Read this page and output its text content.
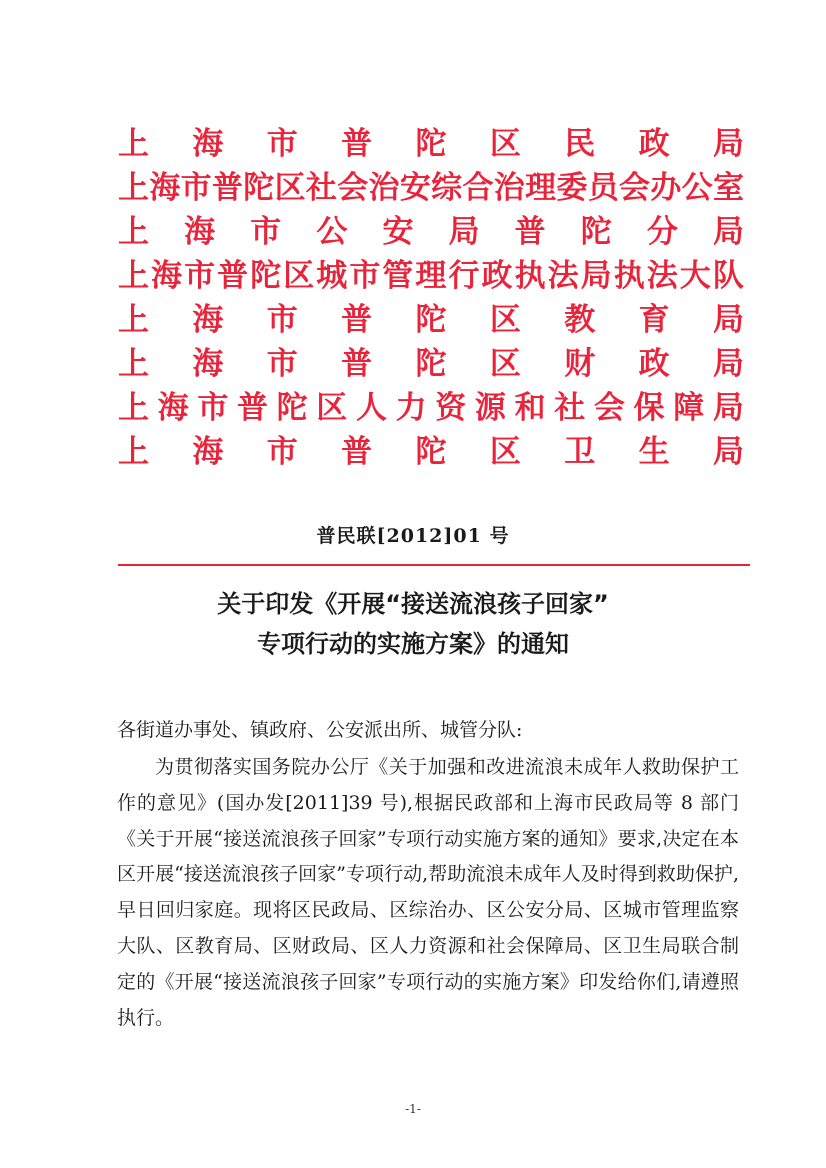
上 海 市 普 陀 区 民 政 局
上 海 市 普 陀 区 社 会 治 安 综 合 治 理 委 员 会 办 公 室
上 海 市 公 安 局 普 陀 分 局
上 海 市 普 陀 区 城 市 管 理 行 政 执 法 局 执 法 大 队
上 海 市 普 陀 区 教 育 局
上 海 市 普 陀 区 财 政 局
上 海 市 普 陀 区 人 力 资 源 和 社 会 保 障 局
上 海 市 普 陀 区 卫 生 局
普民联[2012]01 号
关于印发《开展“接送流浪孩子回家”
专项行动的实施方案》的通知
各街道办事处、镇政府、公安派出所、城管分队:
为贯彻落实国务院办公厅《关于加强和改进流浪未成年人救助保护工作的意见》(国办发[2011]39 号),根据民政部和上海市民政局等 8 部门《关于开展“接送流浪孩子回家”专项行动实施方案的通知》要求,决定在本区开展“接送流浪孩子回家”专项行动,帮助流浪未成年人及时得到救助保护,早日回归家庭。现将区民政局、区综治办、区公安分局、区城市管理监察大队、区教育局、区财政局、区人力资源和社会保障局、区卫生局联合制定的《开展“接送流浪孩子回家”专项行动的实施方案》印发给你们,请遵照执行。
-1-
